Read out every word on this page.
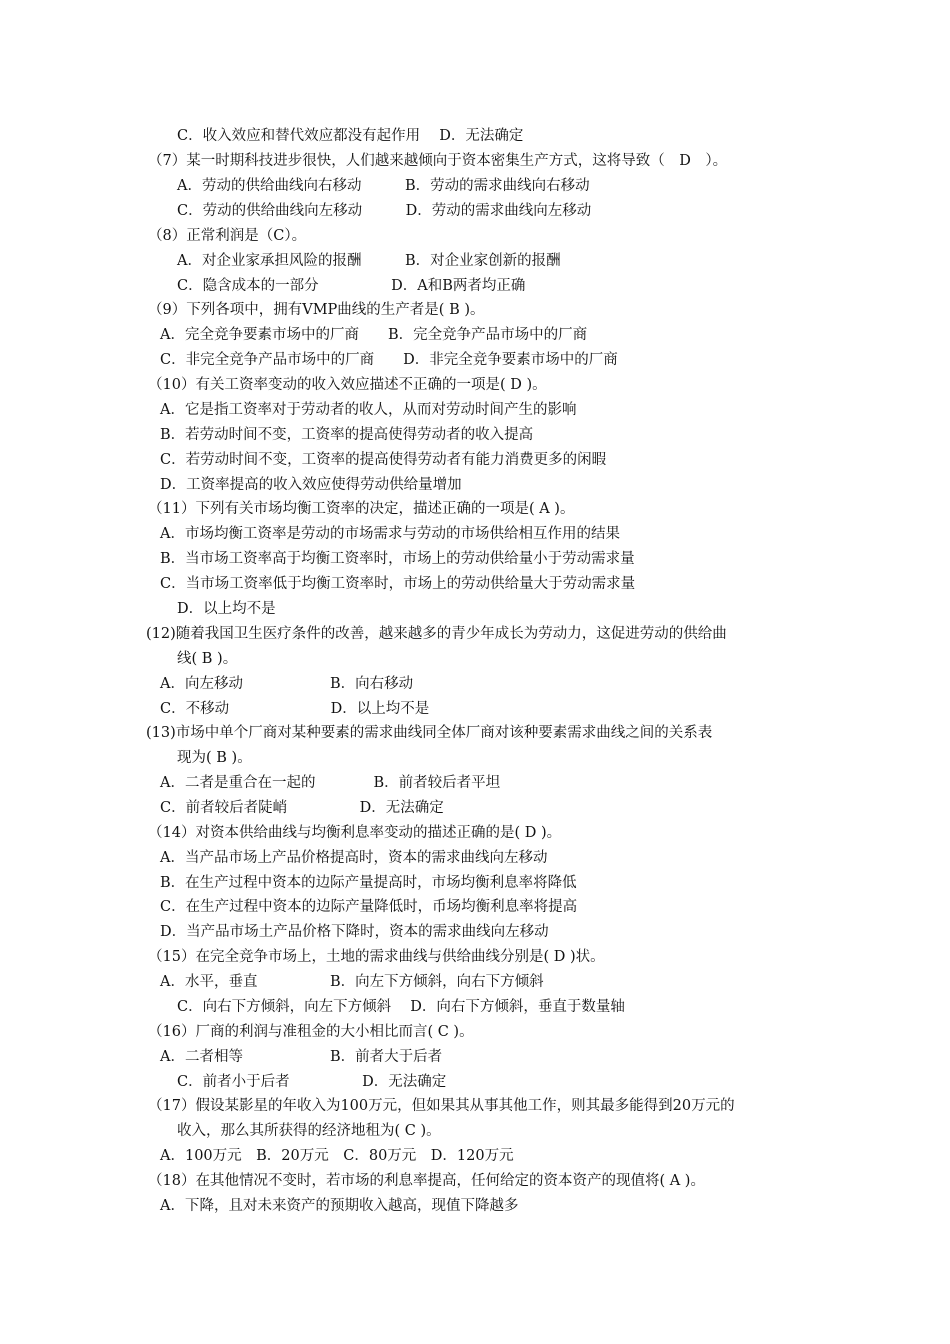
C．收入效应和替代效应都没有起作用　 D．无法确定
（7）某一时期科技进步很快，人们越来越倾向于资本密集生产方式，这将导致（　D　）。
A．劳动的供给曲线向右移动　　　B．劳动的需求曲线向右移动
C．劳动的供给曲线向左移动　　　D．劳动的需求曲线向左移动
（8）正常利润是（C）。
A．对企业家承担风险的报酬　　　B．对企业家创新的报酬
C．隐含成本的一部分　　　　　D．A和B两者均正确
（9）下列各项中，拥有VMP曲线的生产者是( B )。
A．完全竞争要素市场中的厂商　　B．完全竞争产品市场中的厂商
C．非完全竞争产品市场中的厂商　　D．非完全竞争要素市场中的厂商
（10）有关工资率变动的收入效应描述不正确的一项是( D )。
A．它是指工资率对于劳动者的收人，从而对劳动时间产生的影响
B．若劳动时间不变，工资率的提高使得劳动者的收入提高
C．若劳动时间不变，工资率的提高使得劳动者有能力消费更多的闲暇
D．工资率提高的收入效应使得劳动供给量增加
（11）下列有关市场均衡工资率的决定，描述正确的一项是( A )。
A．市场均衡工资率是劳动的市场需求与劳动的市场供给相互作用的结果
B．当市场工资率高于均衡工资率时，市场上的劳动供给量小于劳动需求量
C．当市场工资率低于均衡工资率时，市场上的劳动供给量大于劳动需求量
D．以上均不是
(12)随着我国卫生医疗条件的改善，越来越多的青少年成长为劳动力，这促进劳动的供给曲
线( B )。
A．向左移动　　　　　　B．向右移动
C．不移动　　　　　　　D．以上均不是
(13)市场中单个厂商对某种要素的需求曲线同全体厂商对该种要素需求曲线之间的关系表
现为( B )。
A．二者是重合在一起的　　　　B．前者较后者平坦
C．前者较后者陡峭　　　　　D．无法确定
（14）对资本供给曲线与均衡利息率变动的描述正确的是( D )。
A．当产品市场上产品价格提高时，资本的需求曲线向左移动
B．在生产过程中资本的边际产量提高时，市场均衡利息率将降低
C．在生产过程中资本的边际产量降低时，币场均衡利息率将提高
D．当产品市场土产品价格下降时，资本的需求曲线向左移动
（15）在完全竞争市场上，土地的需求曲线与供给曲线分别是( D )状。
A．水平，垂直　　　　　B．向左下方倾斜，向右下方倾斜
C．向右下方倾斜，向左下方倾斜　 D．向右下方倾斜，垂直于数量轴
（16）厂商的利润与准租金的大小相比而言( C )。
A．二者相等　　　　　　B．前者大于后者
C．前者小于后者　　　　　D．无法确定
（17）假设某影星的年收入为100万元，但如果其从事其他工作，则其最多能得到20万元的
收入，那么其所获得的经济地租为( C )。
A．100万元　B．20万元　C．80万元　D．120万元
（18）在其他情况不变时，若市场的利息率提高，任何给定的资本资产的现值将( A )。
A．下降，且对未来资产的预期收入越高，现值下降越多
